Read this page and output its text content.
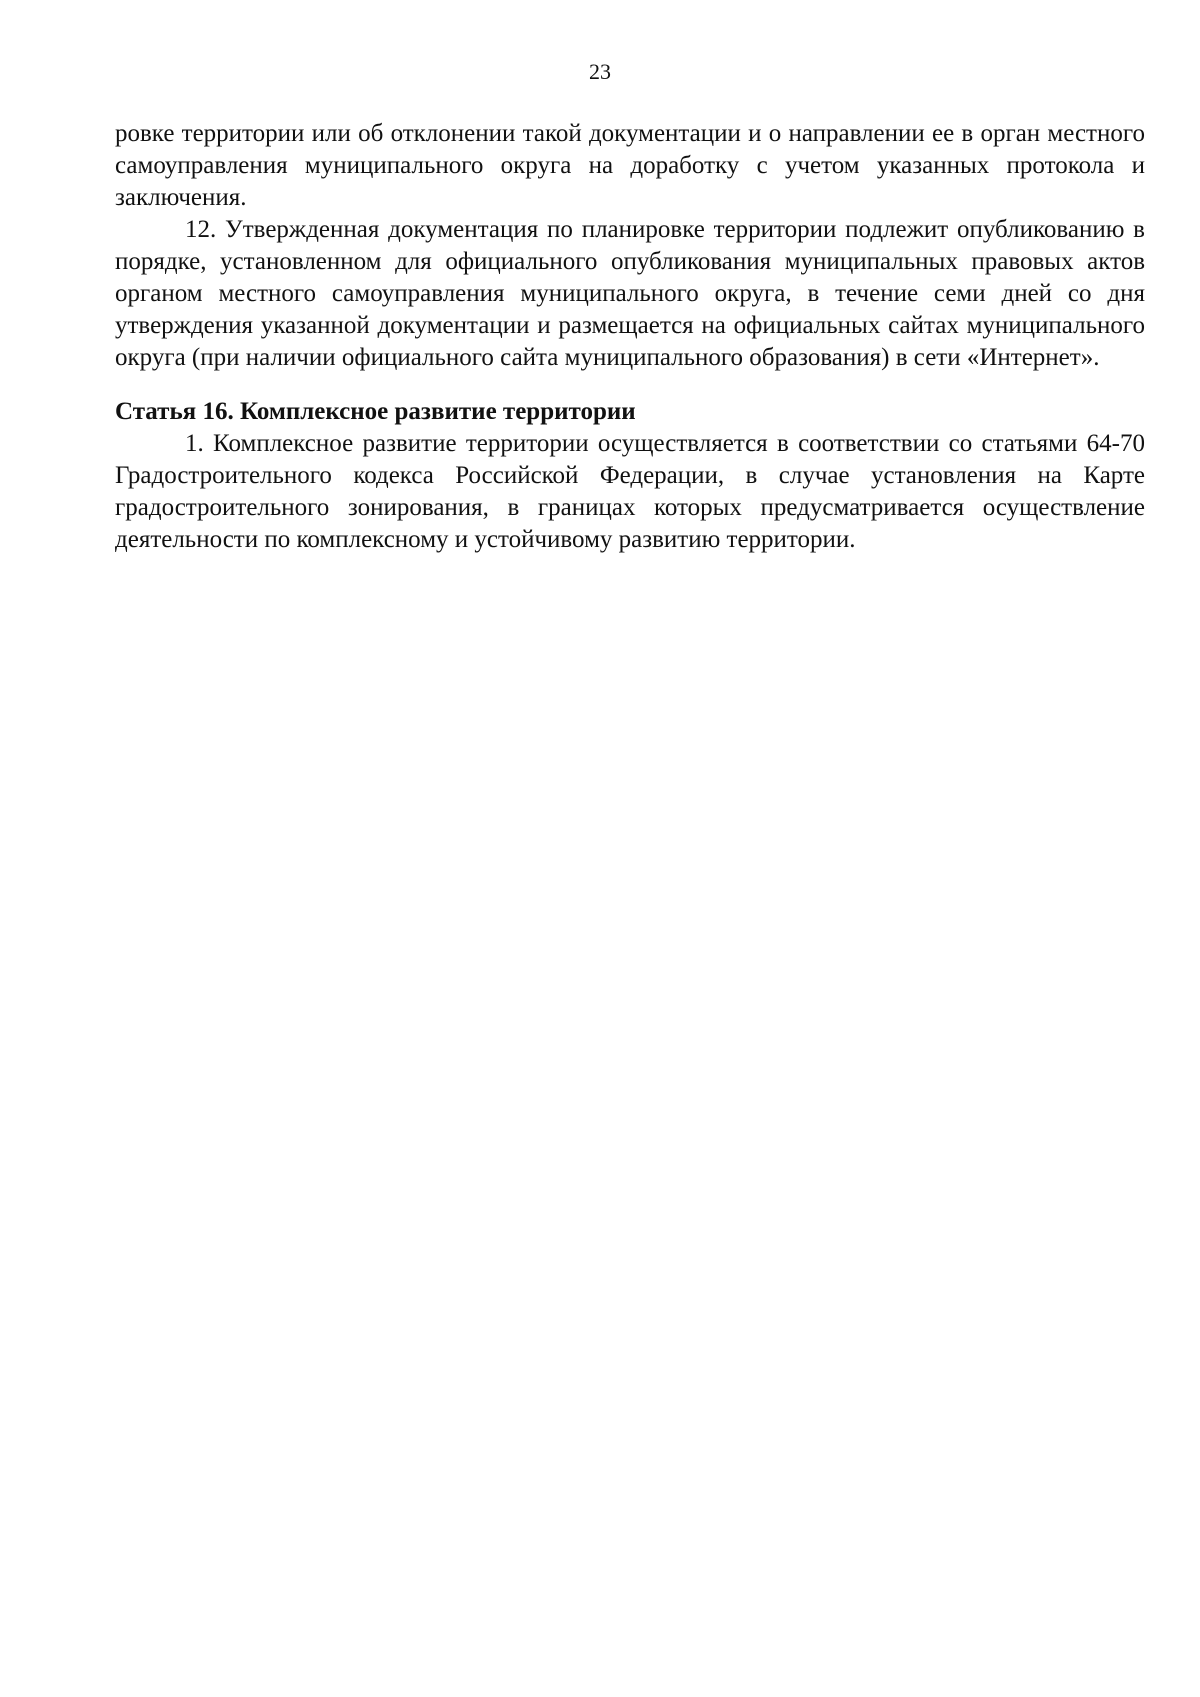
23

ровке территории или об отклонении такой документации и о направлении ее в орган местного самоуправления муниципального округа на доработку с учетом указанных протокола и заключения.

12. Утвержденная документация по планировке территории подлежит опубликованию в порядке, установленном для официального опубликования муниципальных правовых актов органом местного самоуправления муниципального округа, в течение семи дней со дня утверждения указанной документации и размещается на официальных сайтах муниципального округа (при наличии официального сайта муниципального образования) в сети «Интернет».

Статья 16. Комплексное развитие территории

1. Комплексное развитие территории осуществляется в соответствии со статьями 64-70 Градостроительного кодекса Российской Федерации, в случае установления на Карте градостроительного зонирования, в границах которых предусматривается осуществление деятельности по комплексному и устойчивому развитию территории.
